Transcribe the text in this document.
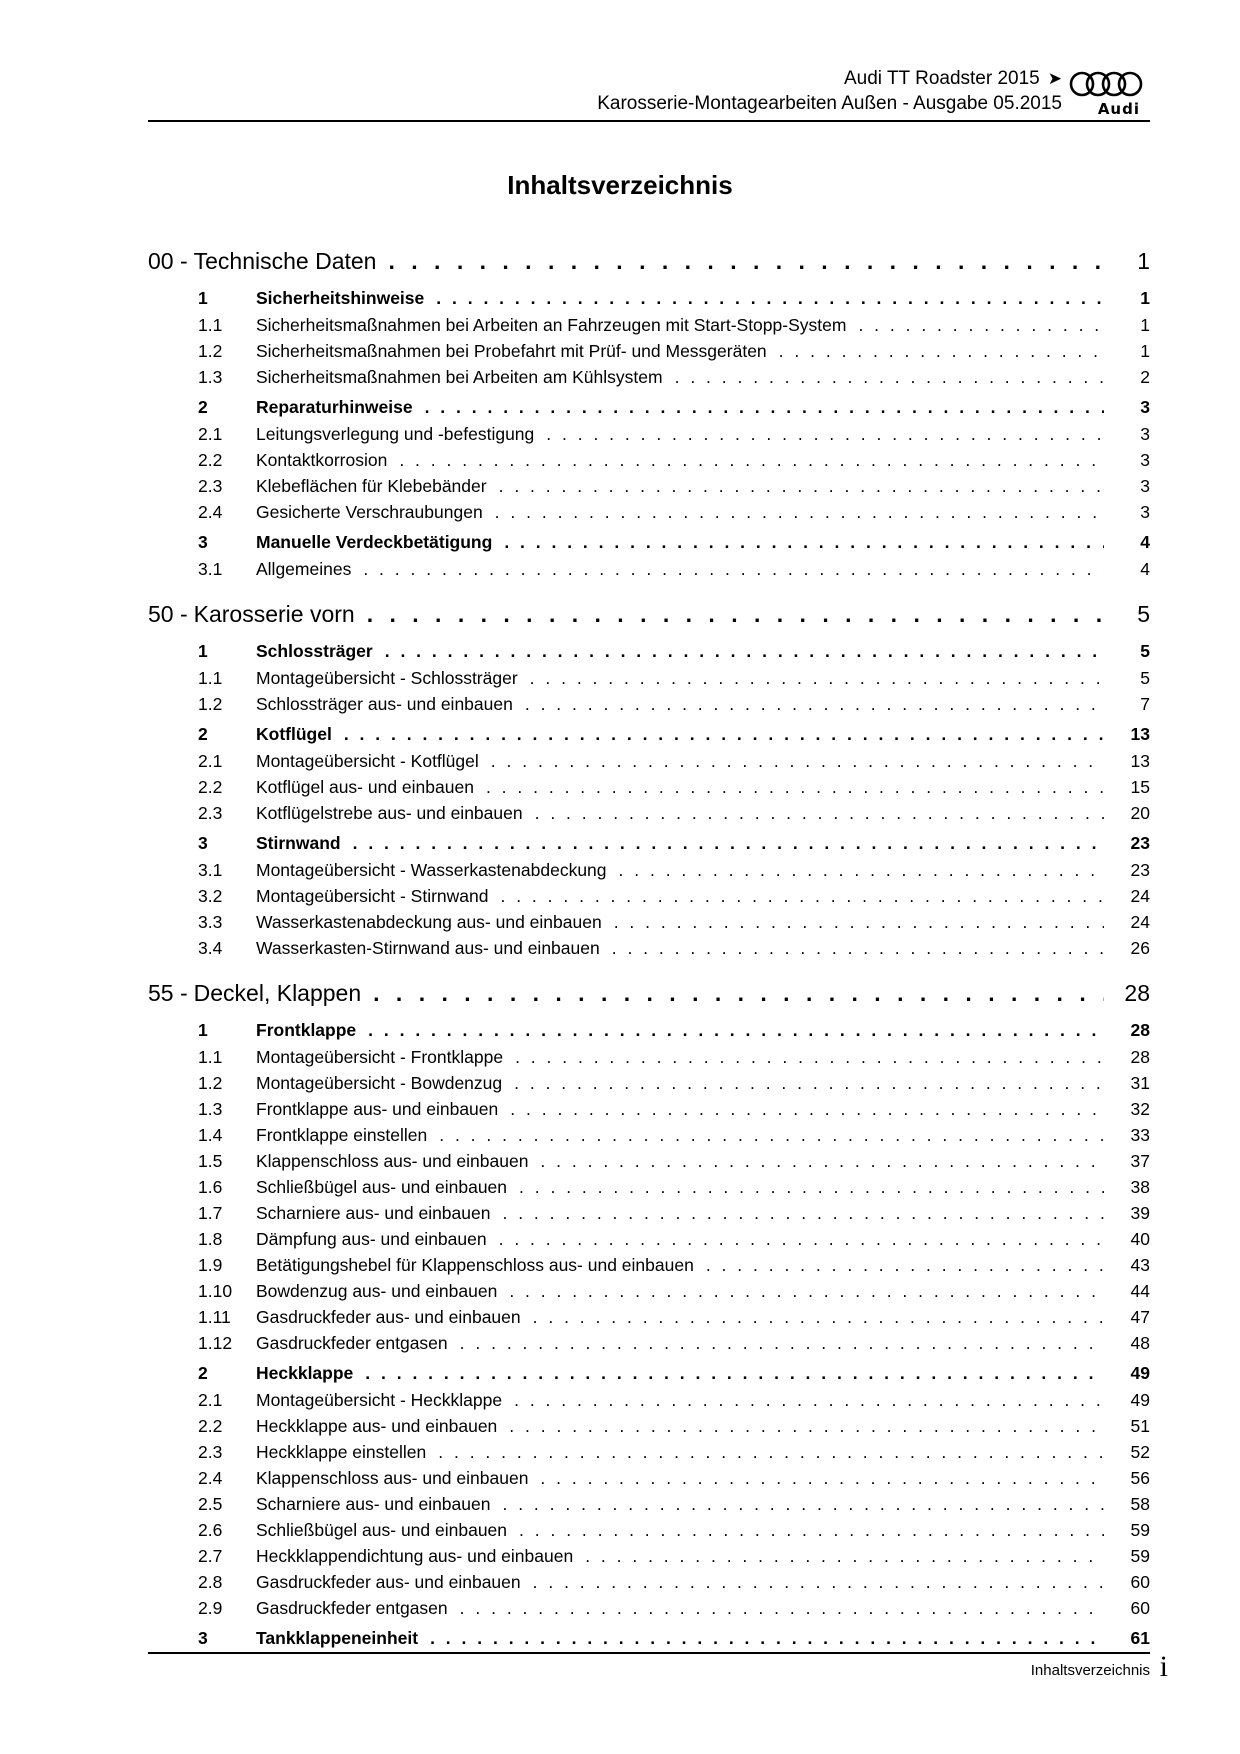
Audi TT Roadster 2015 ➤
Karosserie-Montagearbeiten Außen - Ausgabe 05.2015 Audi
Inhaltsverzeichnis
00 - Technische Daten . . .	1
1	Sicherheitshinweise . . .	1
1.1	Sicherheitsmaßnahmen bei Arbeiten an Fahrzeugen mit Start-Stopp-System . . .	1
1.2	Sicherheitsmaßnahmen bei Probefahrt mit Prüf- und Messgeräten . . .	1
1.3	Sicherheitsmaßnahmen bei Arbeiten am Kühlsystem . . .	2
2	Reparaturhinweise . . .	3
2.1	Leitungsverlegung und -befestigung . . .	3
2.2	Kontaktkorrosion . . .	3
2.3	Klebeflächen für Klebebänder . . .	3
2.4	Gesicherte Verschraubungen . . .	3
3	Manuelle Verdeckbetätigung . . .	4
3.1	Allgemeines . . .	4
50 - Karosserie vorn . . .	5
1	Schlossträger . . .	5
1.1	Montageübersicht - Schlossträger . . .	5
1.2	Schlossträger aus- und einbauen . . .	7
2	Kotflügel . . .	13
2.1	Montageübersicht - Kotflügel . . .	13
2.2	Kotflügel aus- und einbauen . . .	15
2.3	Kotflügelstrebe aus- und einbauen . . .	20
3	Stirnwand . . .	23
3.1	Montageübersicht - Wasserkastenabdeckung . . .	23
3.2	Montageübersicht - Stirnwand . . .	24
3.3	Wasserkastenabdeckung aus- und einbauen . . .	24
3.4	Wasserkasten-Stirnwand aus- und einbauen . . .	26
55 - Deckel, Klappen . . .	28
1	Frontklappe . . .	28
1.1	Montageübersicht - Frontklappe . . .	28
1.2	Montageübersicht - Bowdenzug . . .	31
1.3	Frontklappe aus- und einbauen . . .	32
1.4	Frontklappe einstellen . . .	33
1.5	Klappenschloss aus- und einbauen . . .	37
1.6	Schließbügel aus- und einbauen . . .	38
1.7	Scharniere aus- und einbauen . . .	39
1.8	Dämpfung aus- und einbauen . . .	40
1.9	Betätigungshebel für Klappenschloss aus- und einbauen . . .	43
1.10	Bowdenzug aus- und einbauen . . .	44
1.11	Gasdruckfeder aus- und einbauen . . .	47
1.12	Gasdruckfeder entgasen . . .	48
2	Heckklappe . . .	49
2.1	Montageübersicht - Heckklappe . . .	49
2.2	Heckklappe aus- und einbauen . . .	51
2.3	Heckklappe einstellen . . .	52
2.4	Klappenschloss aus- und einbauen . . .	56
2.5	Scharniere aus- und einbauen . . .	58
2.6	Schließbügel aus- und einbauen . . .	59
2.7	Heckklappendichtung aus- und einbauen . . .	59
2.8	Gasdruckfeder aus- und einbauen . . .	60
2.9	Gasdruckfeder entgasen . . .	60
3	Tankklappeneinheit . . .	61
Inhaltsverzeichnis i
